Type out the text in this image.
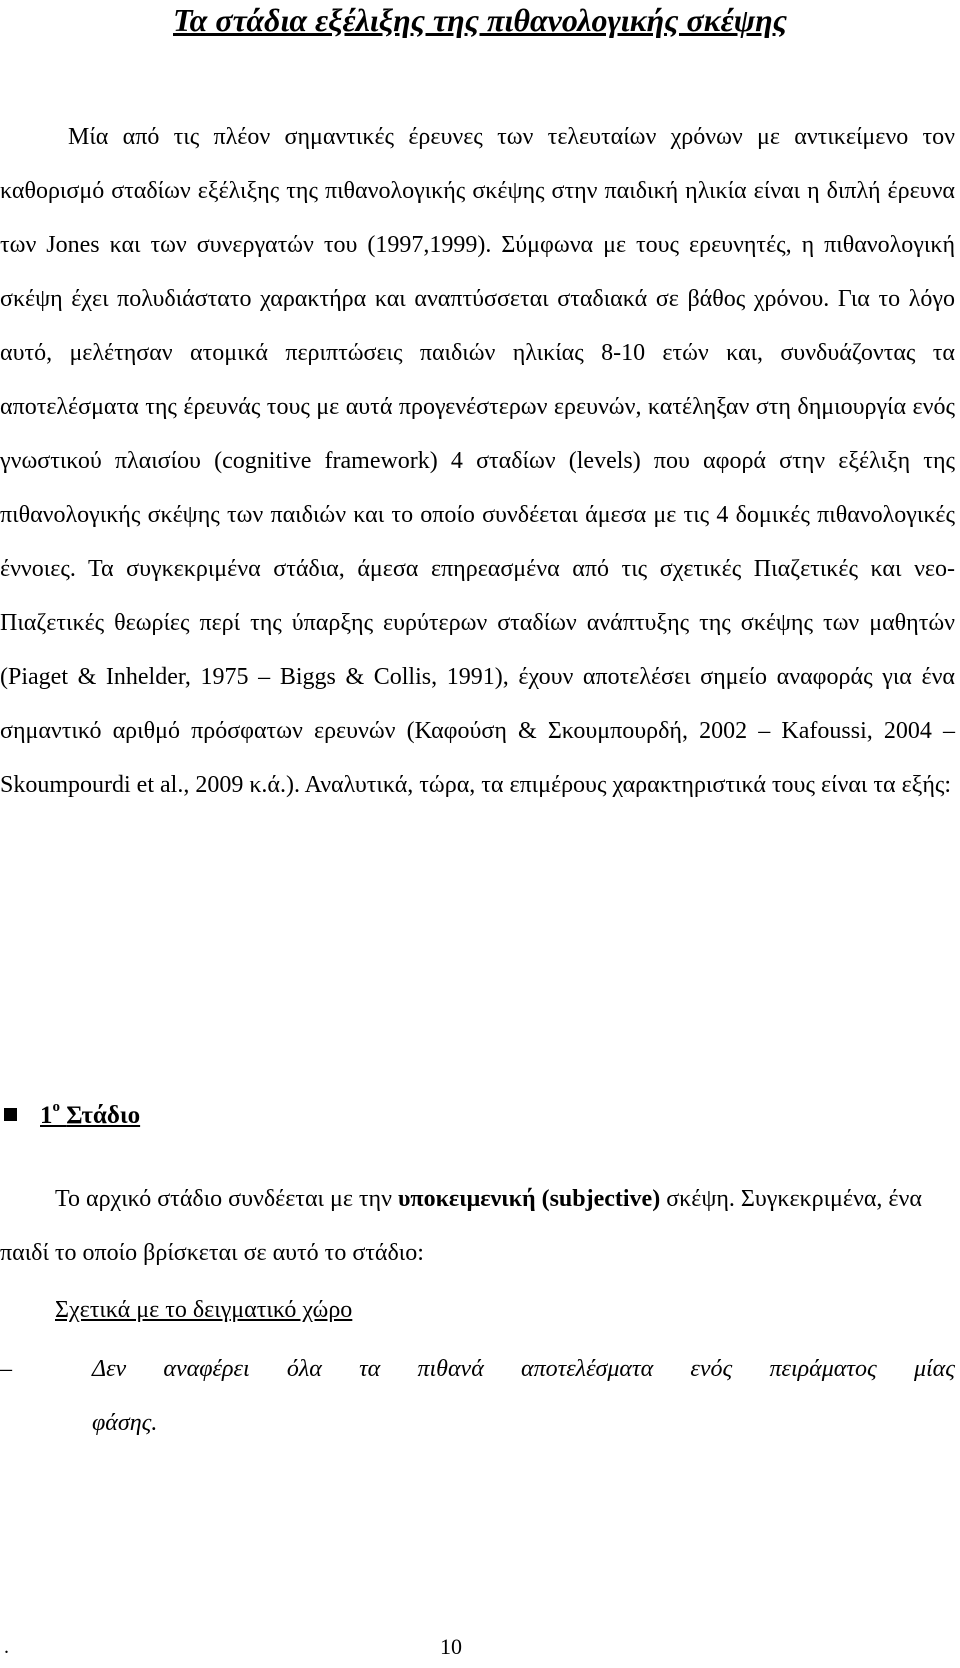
Τα στάδια εξέλιξης της πιθανολογικής σκέψης

Μία από τις πλέον σημαντικές έρευνες των τελευταίων χρόνων με αντικείμενο τον καθορισμό σταδίων εξέλιξης της πιθανολογικής σκέψης στην παιδική ηλικία είναι η διπλή έρευνα των Jones και των συνεργατών του (1997,1999). Σύμφωνα με τους ερευνητές, η πιθανολογική σκέψη έχει πολυδιάστατο χαρακτήρα και αναπτύσσεται σταδιακά σε βάθος χρόνου. Για το λόγο αυτό, μελέτησαν ατομικά περιπτώσεις παιδιών ηλικίας 8-10 ετών και, συνδυάζοντας τα αποτελέσματα της έρευνάς τους με αυτά προγενέστερων ερευνών, κατέληξαν στη δημιουργία ενός γνωστικού πλαισίου (cognitive framework) 4 σταδίων (levels) που αφορά στην εξέλιξη της πιθανολογικής σκέψης των παιδιών και το οποίο συνδέεται άμεσα με τις 4 δομικές πιθανολογικές έννοιες. Τα συγκεκριμένα στάδια, άμεσα επηρεασμένα από τις σχετικές Πιαζετικές και νεο-Πιαζετικές θεωρίες περί της ύπαρξης ευρύτερων σταδίων ανάπτυξης της σκέψης των μαθητών (Piaget & Inhelder, 1975 – Biggs & Collis, 1991), έχουν αποτελέσει σημείο αναφοράς για ένα σημαντικό αριθμό πρόσφατων ερευνών (Καφούση & Σκουμπουρδή, 2002 – Kafoussi, 2004 – Skoumpourdi et al., 2009 κ.ά.). Αναλυτικά, τώρα, τα επιμέρους χαρακτηριστικά τους είναι τα εξής:

$1^o$ Στάδιο

Το αρχικό στάδιο συνδέεται με την υποκειμενική (subjective) σκέψη. Συγκεκριμένα, ένα παιδί το οποίο βρίσκεται σε αυτό το στάδιο:

Σχετικά με το δειγματικό χώρο
–	Δεν αναφέρει όλα τα πιθανά αποτελέσματα ενός πειράματος μίας
φάσης.
.	10
